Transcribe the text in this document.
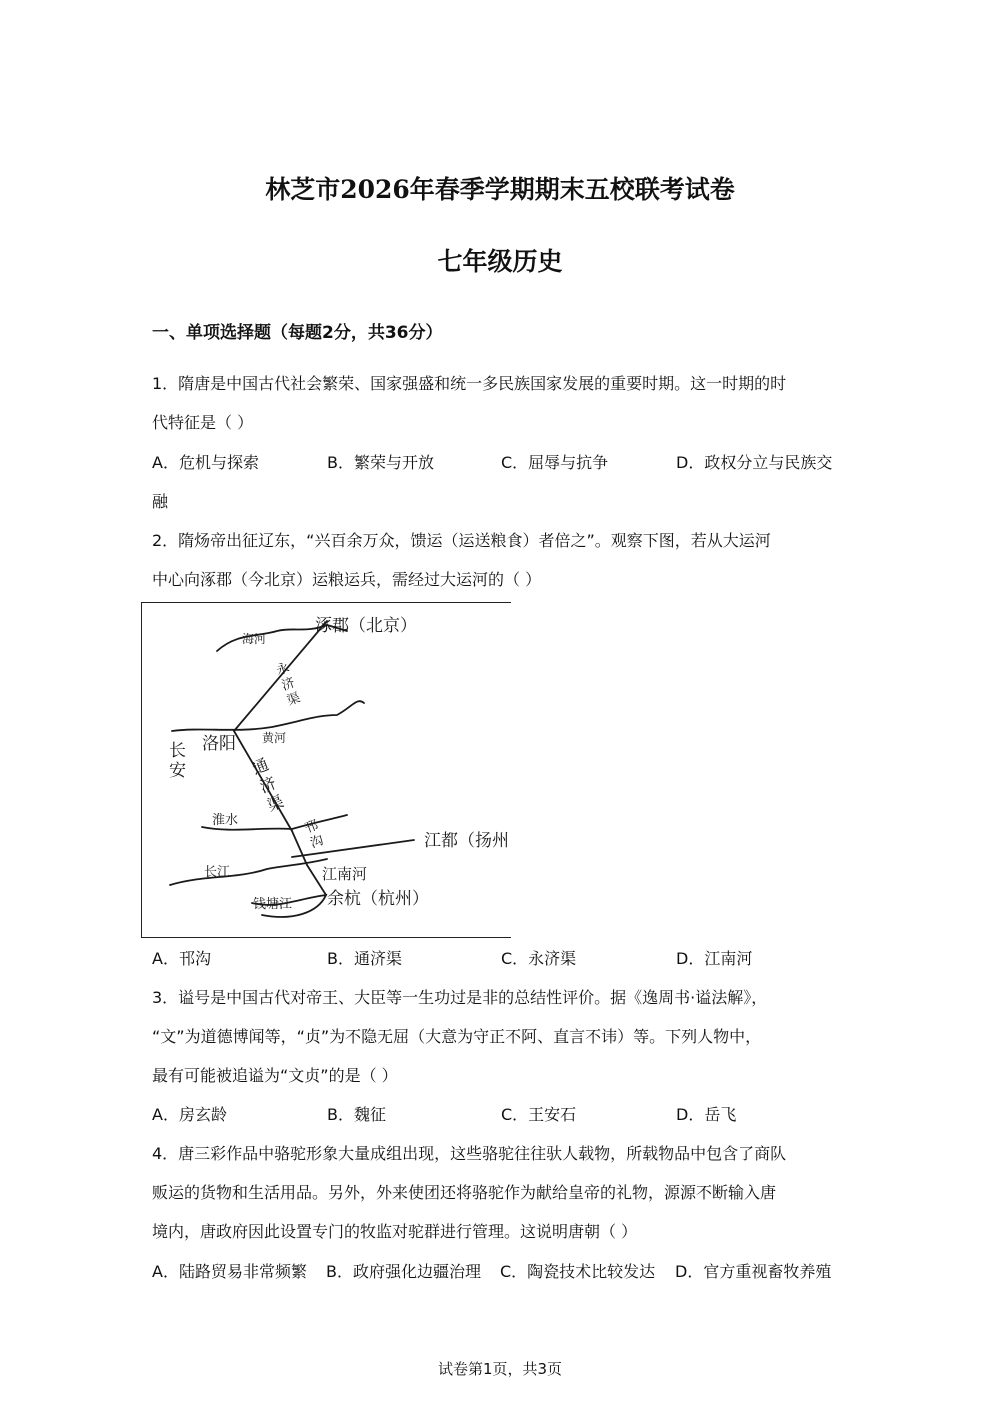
林芝市2026年春季学期期末五校联考试卷
七年级历史
一、单项选择题（每题2分，共36分）
1．隋唐是中国古代社会繁荣、国家强盛和统一多民族国家发展的重要时期。这一时期的时
代特征是（ ）
A．危机与探索	B．繁荣与开放	C．屈辱与抗争	D．政权分立与民族交
融
2．隋炀帝出征辽东，“兴百余万众，馈运（运送粮食）者倍之”。观察下图，若从大运河
中心向涿郡（今北京）运粮运兵，需经过大运河的（ ）
涿郡（北京）
海河
永济渠
洛阳 黄河
长安	通济渠
淮水	邗沟	江都（扬州
长江	江南河
钱塘江 余杭（杭州）
A．邗沟	B．通济渠	C．永济渠	D．江南河
3．谥号是中国古代对帝王、大臣等一生功过是非的总结性评价。据《逸周书·谥法解》，
“文”为道德博闻等，“贞”为不隐无屈（大意为守正不阿、直言不讳）等。下列人物中，
最有可能被追谥为“文贞”的是（ ）
A．房玄龄	B．魏征	C．王安石	D．岳飞
4．唐三彩作品中骆驼形象大量成组出现，这些骆驼往往驮人载物，所载物品中包含了商队
贩运的货物和生活用品。另外，外来使团还将骆驼作为献给皇帝的礼物，源源不断输入唐
境内，唐政府因此设置专门的牧监对驼群进行管理。这说明唐朝（ ）
A．陆路贸易非常频繁 B．政府强化边疆治理 C．陶瓷技术比较发达 D．官方重视畜牧养殖
试卷第1页，共3页
